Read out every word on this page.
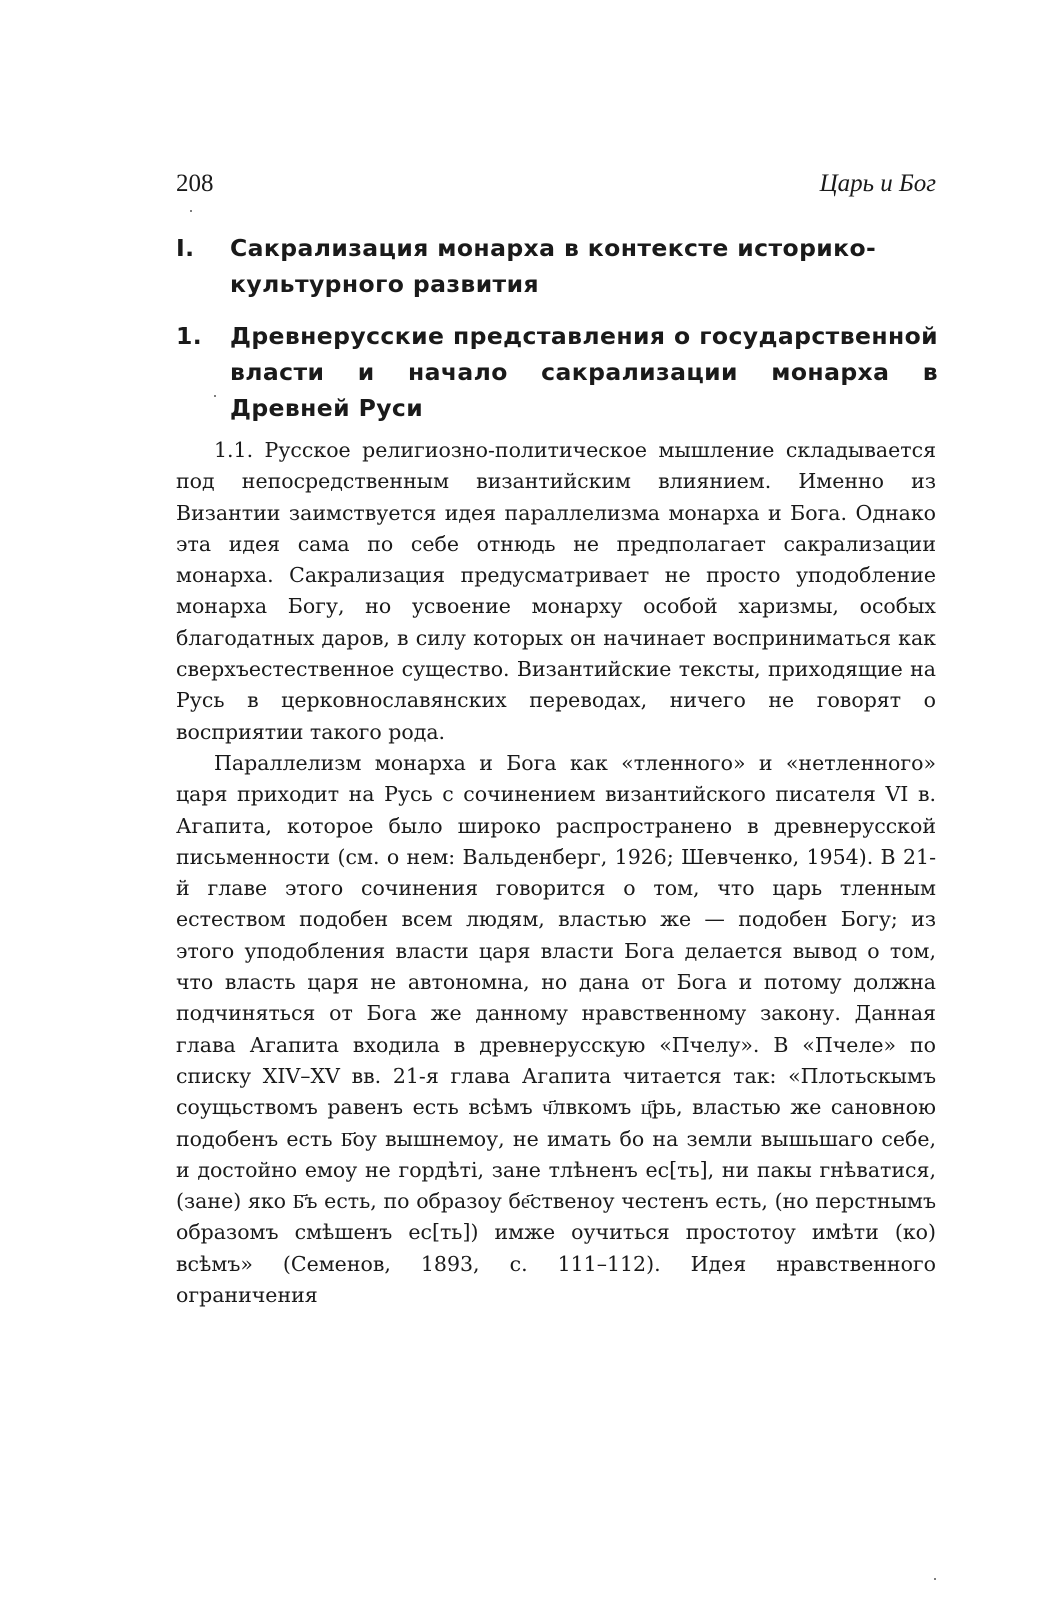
208	Царь и Бог
I. Сакрализация монарха в контексте историко-культурного развития
1. Древнерусские представления о государственной власти и начало сакрализации монарха в Древней Руси

1.1. Русское религиозно-политическое мышление складывается под непосредственным византийским влиянием. Именно из Византии заимствуется идея параллелизма монарха и Бога. Однако эта идея сама по себе отнюдь не предполагает сакрализации монарха. Сакрализация предусматривает не просто уподобление монарха Богу, но усвоение монарху особой харизмы, особых благодатных даров, в силу которых он начинает восприниматься как сверхъестественное существо. Византийские тексты, приходящие на Русь в церковнославянских переводах, ничего не говорят о восприятии такого рода.

Параллелизм монарха и Бога как «тленного» и «нетленного» царя приходит на Русь с сочинением византийского писателя VI в. Агапита, которое было широко распространено в древнерусской письменности (см. о нем: Вальденберг, 1926; Шевченко, 1954). В 21-й главе этого сочинения говорится о том, что царь тленным естеством подобен всем людям, властью же — подобен Богу; из этого уподобления власти царя власти Бога делается вывод о том, что власть царя не автономна, но дана от Бога и потому должна подчиняться от Бога же данному нравственному закону. Данная глава Агапита входила в древнерусскую «Пчелу». В «Пчеле» по списку XIV–XV вв. 21-я глава Агапита читается так: «Плотьскымъ соущьствомъ равенъ есть всѣмъ ч҃лвкомъ ц҃рь, властью же сановною подобенъ есть Б҃оу вышнемоу, не имать бо на земли вышьшаго себе, и достойно емоу не гордѣтi, зане тлѣненъ ес[ть], ни пакы гнѣватися, (зане) яко Б҃ъ есть, по образоу бе҃ственоу честенъ есть, (но перстнымъ образомъ смѣшенъ ес[ть]) имже оучиться простотоу имѣти (ко) всѣмъ» (Семенов, 1893, с. 111–112). Идея нравственного ограничения
